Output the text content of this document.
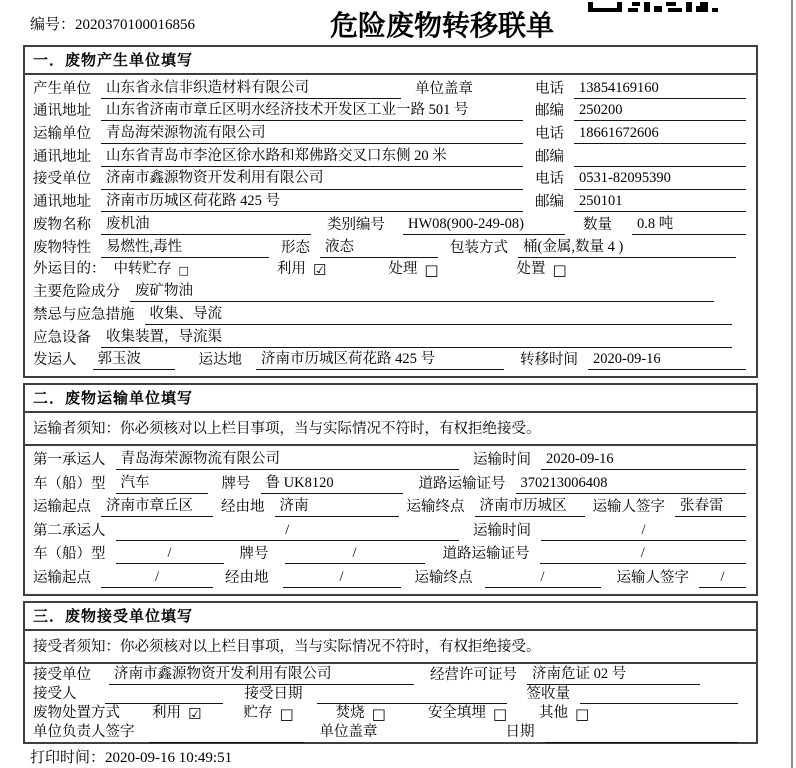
编号：2020370100016856	危险废物转移联单
一．废物产生单位填写
产生单位	山东省永信非织造材料有限公司	单位盖章	电话	13854169160
通讯地址	山东省济南市章丘区明水经济技术开发区工业一路 501 号	邮编	250200
运输单位	青岛海荣源物流有限公司	电话	18661672606
通讯地址	山东省青岛市李沧区徐水路和郑佛路交叉口东侧 20 米	邮编
接受单位	济南市鑫源物资开发利用有限公司	电话	0531-82095390
通讯地址	济南市历城区荷花路 425 号	邮编	250101
废物名称	废机油	类别编号	HW08(900-249-08)	数量	0.8 吨
废物特性	易燃性,毒性	形态	液态	包装方式	桶(金属,数量 4 )
外运目的： 中转贮存 □	利用 ☑	处理 □	处置 □
主要危险成分	废矿物油
禁忌与应急措施	收集、导流
应急设备	收集装置，导流渠
发运人	郭玉波	运达地	济南市历城区荷花路 425 号	转移时间	2020-09-16
二．废物运输单位填写
运输者须知：你必须核对以上栏目事项，当与实际情况不符时，有权拒绝接受。
第一承运人	青岛海荣源物流有限公司	运输时间	2020-09-16
车（船）型	汽车	牌号	鲁 UK8120	道路运输证号	370213006408
运输起点	济南市章丘区	经由地	济南	运输终点	济南市历城区	运输人签字	张春雷
第二承运人	/	运输时间	/
车（船）型	/	牌号	/	道路运输证号	/
运输起点	/	经由地	/	运输终点	/	运输人签字	/
三．废物接受单位填写
接受者须知：你必须核对以上栏目事项，当与实际情况不符时，有权拒绝接受。
接受单位	济南市鑫源物资开发利用有限公司	经营许可证号	济南危证 02 号
接受人	接受日期	签收量
废物处置方式 利用 ☑	贮存 □	焚烧 □	安全填埋 □ 其他 □
单位负责人签字	单位盖章	日期
打印时间：2020-09-16 10:49:51
